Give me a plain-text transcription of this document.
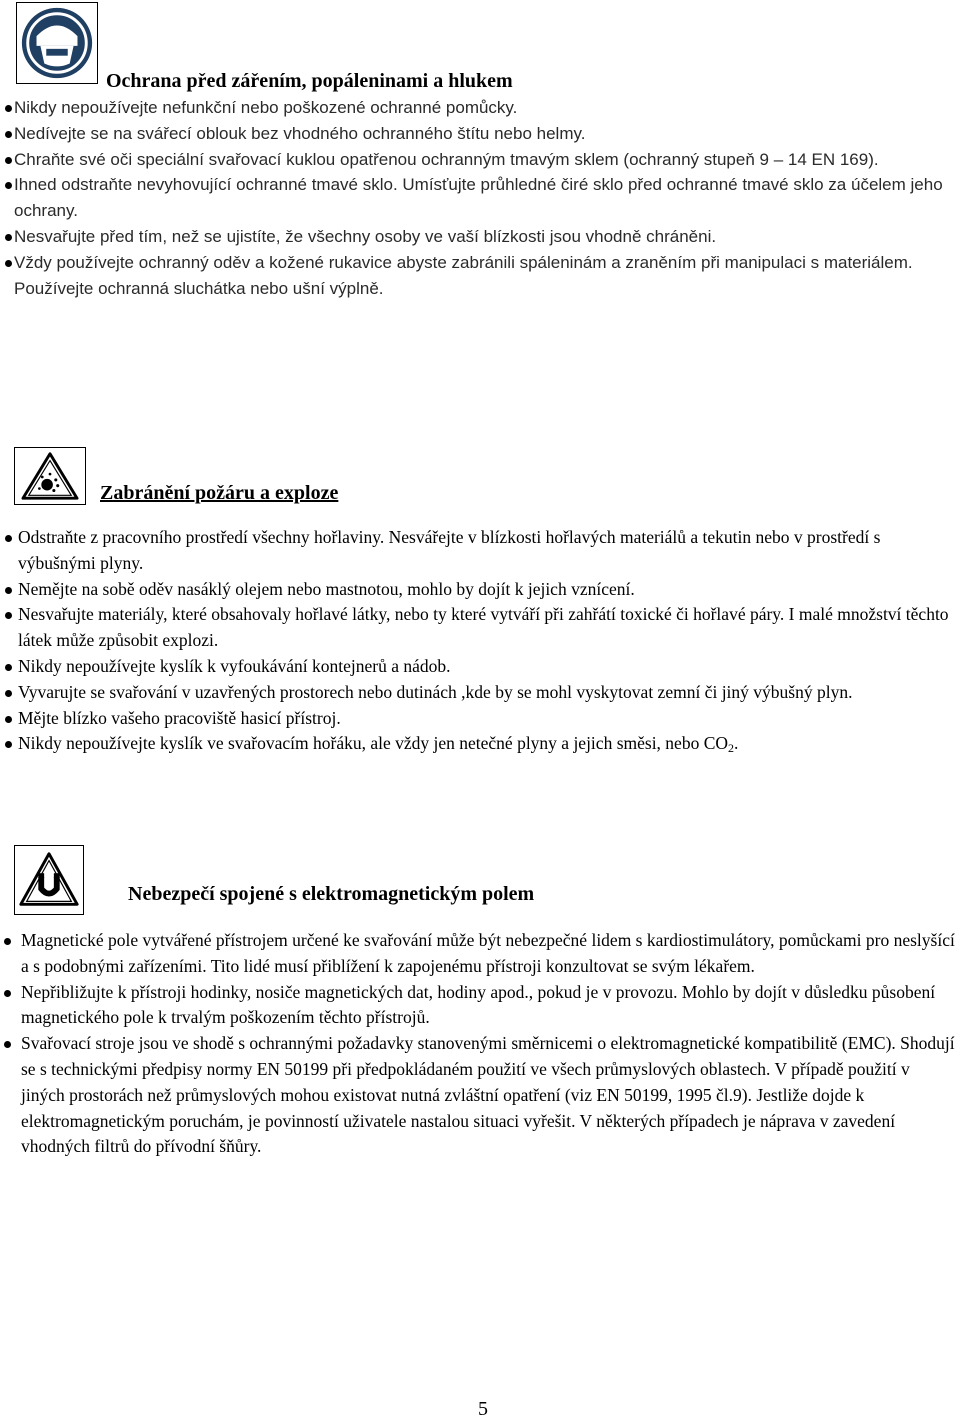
Ochrana před zářením, popáleninami a hlukem
Nikdy nepoužívejte nefunkční nebo poškozené ochranné pomůcky.
Nedívejte se na svářecí oblouk bez vhodného ochranného štítu nebo helmy.
Chraňte své oči speciální svařovací kuklou opatřenou ochranným tmavým sklem (ochranný stupeň 9 – 14 EN 169).
Ihned odstraňte nevyhovující ochranné tmavé sklo. Umísťujte průhledné čiré sklo před ochranné tmavé sklo za účelem jeho ochrany.
Nesvařujte před tím, než se ujistíte, že všechny osoby ve vaší blízkosti jsou vhodně chráněni.
Vždy používejte ochranný oděv a kožené rukavice abyste zabránili spáleninám a zraněním při manipulaci s materiálem. Používejte ochranná sluchátka nebo ušní výplně.
Zabránění požáru a exploze
Odstraňte z pracovního prostředí všechny hořlaviny. Nesvářejte v blízkosti hořlavých materiálů a tekutin nebo v prostředí s výbušnými plyny.
Nemějte na sobě oděv nasáklý olejem nebo mastnotou, mohlo by dojít k jejich vznícení.
Nesvařujte materiály, které obsahovaly hořlavé látky, nebo ty které vytváří při zahřátí toxické či hořlavé páry. I malé množství těchto látek může způsobit explozi.
Nikdy nepoužívejte kyslík k vyfoukávání kontejnerů a nádob.
Vyvarujte se svařování v uzavřených prostorech nebo dutinách ,kde by se mohl vyskytovat zemní či jiný výbušný plyn.
Mějte blízko vašeho pracoviště hasicí přístroj.
Nikdy nepoužívejte kyslík ve svařovacím hořáku, ale vždy jen netečné plyny a jejich směsi, nebo $CO_2$.
Nebezpečí spojené s elektromagnetickým polem
Magnetické pole vytvářené přístrojem určené ke svařování může být nebezpečné lidem s kardiostimulátory, pomůckami pro neslyšící a s podobnými zařízeními. Tito lidé musí přiblížení k zapojenému přístroji konzultovat se svým lékařem.
Nepřibližujte k přístroji hodinky, nosiče magnetických dat, hodiny apod., pokud je v provozu. Mohlo by dojít v důsledku působení magnetického pole k trvalým poškozením těchto přístrojů.
Svařovací stroje jsou ve shodě s ochrannými požadavky stanovenými směrnicemi o elektromagnetické kompatibilitě (EMC). Shodují se s technickými předpisy normy EN 50199 při předpokládaném použití ve všech průmyslových oblastech. V případě použití v jiných prostorách než průmyslových mohou existovat nutná zvláštní opatření (viz EN 50199, 1995 čl.9). Jestliže dojde k elektromagnetickým poruchám, je povinností uživatele nastalou situaci vyřešit. V některých případech je náprava v zavedení vhodných filtrů do přívodní šňůry.
5
